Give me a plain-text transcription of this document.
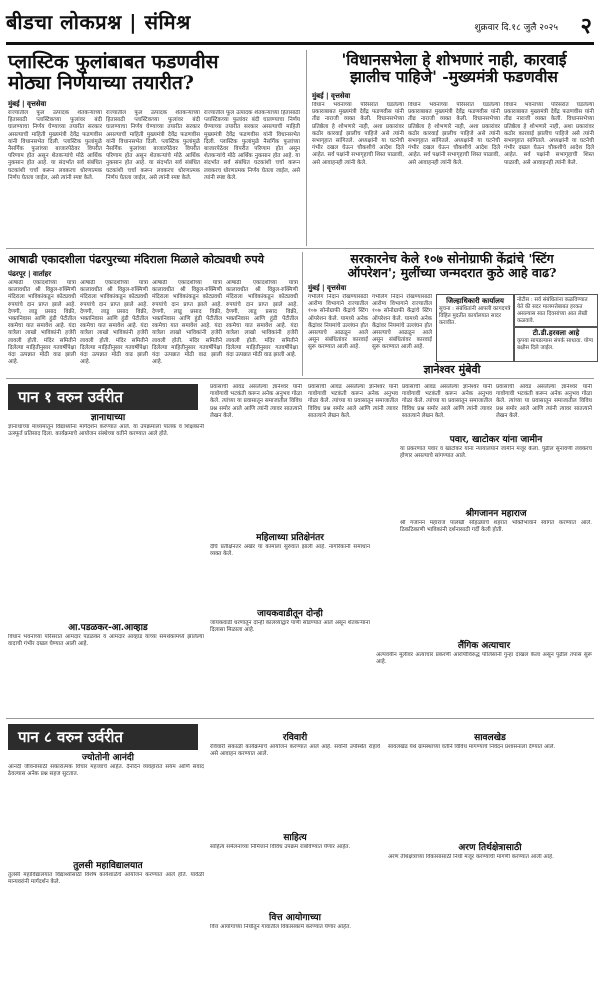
बीडचा लोकप्रश्न | संमिश्र	शुक्रवार दि.१८ जुलै २०२५ २
प्लास्टिक फुलांबाबत फडणवीस
मोठ्या निर्णयाच्या तयारीत?
मुंबई | वृत्तसेवा
राज्यातील फूल उत्पादक शेतकऱ्यांच्या हितासाठी प्लास्टिकच्या फुलांवर बंदी घालण्याचा निर्णय घेण्याच्या तयारीत सरकार असल्याची माहिती मुख्यमंत्री देवेंद्र फडणवीस यांनी विधानसभेत दिली. प्लास्टिक फुलांमुळे नैसर्गिक फुलांच्या बाजारपेठेवर विपरीत परिणाम होत असून शेतकऱ्यांचे मोठे आर्थिक नुकसान होत आहे. या संदर्भात सर्व संबंधित घटकांशी चर्चा करून लवकरच धोरणात्मक निर्णय घेतला जाईल, असे त्यांनी स्पष्ट केले.
राज्यातील फूल उत्पादक शेतकऱ्यांच्या हितासाठी प्लास्टिकच्या फुलांवर बंदी घालण्याचा निर्णय घेण्याच्या तयारीत सरकार असल्याची माहिती मुख्यमंत्री देवेंद्र फडणवीस यांनी विधानसभेत दिली. प्लास्टिक फुलांमुळे नैसर्गिक फुलांच्या बाजारपेठेवर विपरीत परिणाम होत असून शेतकऱ्यांचे मोठे आर्थिक नुकसान होत आहे. या संदर्भात सर्व संबंधित घटकांशी चर्चा करून लवकरच धोरणात्मक निर्णय घेतला जाईल, असे त्यांनी स्पष्ट केले.
राज्यातील फूल उत्पादक शेतकऱ्यांच्या हितासाठी प्लास्टिकच्या फुलांवर बंदी घालण्याचा निर्णय घेण्याच्या तयारीत सरकार असल्याची माहिती मुख्यमंत्री देवेंद्र फडणवीस यांनी विधानसभेत दिली. प्लास्टिक फुलांमुळे नैसर्गिक फुलांच्या बाजारपेठेवर विपरीत परिणाम होत असून शेतकऱ्यांचे मोठे आर्थिक नुकसान होत आहे. या संदर्भात सर्व संबंधित घटकांशी चर्चा करून लवकरच धोरणात्मक निर्णय घेतला जाईल, असे त्यांनी स्पष्ट केले.
'विधानसभेला हे शोभणारं नाही, कारवाई
झालीच पाहिजे' -मुख्यमंत्री फडणवीस
मुंबई | वृत्तसेवा
विधान भवनाच्या परिसरात घडलेल्या प्रकाराबाबत मुख्यमंत्री देवेंद्र फडणवीस यांनी तीव्र नाराजी व्यक्त केली. विधानसभेच्या प्रतिष्ठेला हे शोभणारे नाही, अशा प्रकारांवर कठोर कारवाई झालीच पाहिजे असे त्यांनी सभागृहात सांगितले. अध्यक्षांनी या घटनेची गंभीर दखल घेऊन चौकशीचे आदेश दिले आहेत. सर्व पक्षांनी सभागृहाची शिस्त पाळावी, असे आवाहनही त्यांनी केले.
विधान भवनाच्या परिसरात घडलेल्या प्रकाराबाबत मुख्यमंत्री देवेंद्र फडणवीस यांनी तीव्र नाराजी व्यक्त केली. विधानसभेच्या प्रतिष्ठेला हे शोभणारे नाही, अशा प्रकारांवर कठोर कारवाई झालीच पाहिजे असे त्यांनी सभागृहात सांगितले. अध्यक्षांनी या घटनेची गंभीर दखल घेऊन चौकशीचे आदेश दिले आहेत. सर्व पक्षांनी सभागृहाची शिस्त पाळावी, असे आवाहनही त्यांनी केले.
विधान भवनाच्या परिसरात घडलेल्या प्रकाराबाबत मुख्यमंत्री देवेंद्र फडणवीस यांनी तीव्र नाराजी व्यक्त केली. विधानसभेच्या प्रतिष्ठेला हे शोभणारे नाही, अशा प्रकारांवर कठोर कारवाई झालीच पाहिजे असे त्यांनी सभागृहात सांगितले. अध्यक्षांनी या घटनेची गंभीर दखल घेऊन चौकशीचे आदेश दिले आहेत. सर्व पक्षांनी सभागृहाची शिस्त पाळावी, असे आवाहनही त्यांनी केले.
आषाढी एकादशीला पंढरपुरच्या मंदिराला मिळाले कोट्यवधी रुपये
पंढरपूर | वार्ताहर
आषाढी एकादशीच्या यात्रा कालावधीत श्री विठ्ठल-रुक्मिणी मंदिराला भाविकांकडून कोट्यवधी रुपयांचे दान प्राप्त झाले आहे. देणगी, लाडू प्रसाद विक्री, भक्तनिवास आणि हुंडी पेटीतील रकमेचा यात समावेश आहे. यंदा यात्रेला लाखो भाविकांनी हजेरी लावली होती. मंदिर समितीने दिलेल्या माहितीनुसार गतवर्षीपेक्षा यंदा उत्पन्नात मोठी वाढ झाली आहे.
आषाढी एकादशीच्या यात्रा कालावधीत श्री विठ्ठल-रुक्मिणी मंदिराला भाविकांकडून कोट्यवधी रुपयांचे दान प्राप्त झाले आहे. देणगी, लाडू प्रसाद विक्री, भक्तनिवास आणि हुंडी पेटीतील रकमेचा यात समावेश आहे. यंदा यात्रेला लाखो भाविकांनी हजेरी लावली होती. मंदिर समितीने दिलेल्या माहितीनुसार गतवर्षीपेक्षा यंदा उत्पन्नात मोठी वाढ झाली आहे.
आषाढी एकादशीच्या यात्रा कालावधीत श्री विठ्ठल-रुक्मिणी मंदिराला भाविकांकडून कोट्यवधी रुपयांचे दान प्राप्त झाले आहे. देणगी, लाडू प्रसाद विक्री, भक्तनिवास आणि हुंडी पेटीतील रकमेचा यात समावेश आहे. यंदा यात्रेला लाखो भाविकांनी हजेरी लावली होती. मंदिर समितीने दिलेल्या माहितीनुसार गतवर्षीपेक्षा यंदा उत्पन्नात मोठी वाढ झाली आहे.
आषाढी एकादशीच्या यात्रा कालावधीत श्री विठ्ठल-रुक्मिणी मंदिराला भाविकांकडून कोट्यवधी रुपयांचे दान प्राप्त झाले आहे. देणगी, लाडू प्रसाद विक्री, भक्तनिवास आणि हुंडी पेटीतील रकमेचा यात समावेश आहे. यंदा यात्रेला लाखो भाविकांनी हजेरी लावली होती. मंदिर समितीने दिलेल्या माहितीनुसार गतवर्षीपेक्षा यंदा उत्पन्नात मोठी वाढ झाली आहे.
सरकारनेच केले १०७ सोनोग्राफी केंद्रांचे 'स्टिंग
ऑपरेशन'; मुलींच्या जन्मदरात कुठे आहे वाढ?
मुंबई | वृत्तसेवा
गर्भलिंग निदान रोखण्यासाठी आरोग्य विभागाने राज्यातील १०७ सोनोग्राफी केंद्रांचे स्टिंग ऑपरेशन केले. यामध्ये अनेक केंद्रांवर नियमांचे उल्लंघन होत असल्याचे आढळून आले असून संबंधितांवर कारवाई सुरू करण्यात आली आहे.
गर्भलिंग निदान रोखण्यासाठी आरोग्य विभागाने राज्यातील १०७ सोनोग्राफी केंद्रांचे स्टिंग ऑपरेशन केले. यामध्ये अनेक केंद्रांवर नियमांचे उल्लंघन होत असल्याचे आढळून आले असून संबंधितांवर कारवाई सुरू करण्यात आली आहे.
जिल्हाधिकारी कार्यालय
सूचना : संबंधितांनी आपली कागदपत्रे विहित मुदतीत कार्यालयात सादर करावीत.
नोटीस : सर्व संबंधितांना कळविण्यात येते की सदर मालमत्तेबाबत हरकत असल्यास सात दिवसांच्या आत लेखी कळवावे.
टी.डी.हरवला आहे
कृपया सापडल्यास संपर्क साधावा. योग्य बक्षीस दिले जाईल.
ज्ञानेश्वर मुंबेवी
प्रवासाची आवड असलेल्या ज्ञानेश्वर यांनी गावोगावी भटकंती करून अनेक अनुभव गोळा केले. त्यांच्या या प्रवासातून समाजातील विविध प्रश्न समोर आले आणि त्यांनी त्यावर सातत्याने लेखन केले.
प्रवासाची आवड असलेल्या ज्ञानेश्वर यांनी गावोगावी भटकंती करून अनेक अनुभव गोळा केले. त्यांच्या या प्रवासातून समाजातील विविध प्रश्न समोर आले आणि त्यांनी त्यावर सातत्याने लेखन केले.
प्रवासाची आवड असलेल्या ज्ञानेश्वर यांनी गावोगावी भटकंती करून अनेक अनुभव गोळा केले. त्यांच्या या प्रवासातून समाजातील विविध प्रश्न समोर आले आणि त्यांनी त्यावर सातत्याने लेखन केले.
पान १ वरुन उर्वरीत
ज्ञानाधाच्या
ज्ञानाधाच्या माध्यमातून विद्यार्थ्यांना मार्गदर्शन करण्यात आले. या उपक्रमाला पालक व शिक्षकांनी उत्स्फूर्त प्रतिसाद दिला. कार्यक्रमाचे आयोजन संस्थेच्या वतीने करण्यात आले होते.
आ.पडळकर-आ.आव्हाड
विधान भवनाच्या परिसरात आमदार पडळकर व आमदार आव्हाड यांच्या समर्थकांमध्ये झालेल्या वादाची गंभीर दखल घेण्यात आली आहे.
प्रवासाची आवड असलेल्या ज्ञानेश्वर यांनी गावोगावी भटकंती करून अनेक अनुभव गोळा केले. त्यांच्या या प्रवासातून समाजातील विविध प्रश्न समोर आले आणि त्यांनी त्यावर सातत्याने लेखन केले.
महिलाध्या प्रतिक्षेनंतर
दीर्घ प्रतीक्षेनंतर अखेर या कामाला सुरुवात झाली आहे. नागरिकांनी समाधान व्यक्त केले.
जायकवाडीतून दोन्ही
जायकवाडी धरणातून दोन्ही कालव्यांद्वारे पाणी सोडण्यात आले असून शेतकऱ्यांना दिलासा मिळाला आहे.
पवार, खाटोकर यांना जामीन
या प्रकरणात पवार व खाटोकर यांना न्यायालयाने जामीन मंजूर केला. पुढील सुनावणी लवकरच होणार असल्याचे सांगण्यात आले.
श्रीगजानन महाराज
श्री गजानन महाराज पालखी सोहळ्याचे शहरात भक्तिभावाने स्वागत करण्यात आले. ठिकठिकाणी भाविकांनी दर्शनासाठी गर्दी केली होती.
लैंगिक अत्याचार
अल्पवयीन मुलीवर अत्याचार प्रकरणी आरोपीविरुद्ध पोलिसांनी गुन्हा दाखल केला असून पुढील तपास सुरू आहे.
पान ८ वरुन उर्वरीत
ज्योतोनी आनंदी
आनंदी जीवनासाठी सकारात्मक विचार महत्त्वाचे आहेत. दैनंदिन व्यवहारात संयम आणि संवाद ठेवल्यास अनेक प्रश्न सहज सुटतात.
तुलसी महाविद्यालयात
तुलसी महाविद्यालयात विद्यार्थ्यांसाठी विशेष कार्यशाळेचे आयोजन करण्यात आले होते. यावेळी मान्यवरांनी मार्गदर्शन केले.
रविवारी
रविवारी सकाळी कार्यक्रमाचे आयोजन करण्यात आले आहे. सर्वांनी उपस्थित राहावे असे आवाहन करण्यात आले.
साहित्य
साहित्य संमेलनाच्या निमित्ताने विविध उपक्रम राबविण्यात येणार आहेत.
सावलखेड
सावलखेड येथे ग्रामस्थांच्या वतीने विविध मागण्यांचे निवेदन प्रशासनाला देण्यात आले.
वित्त आयोगाच्या
वित्त आयोगाच्या निधीतून गावातील विकासकामे करण्यात येणार आहेत.
अरण तिर्थक्षेत्रासाठी
अरण तीर्थक्षेत्राच्या विकासासाठी निधी मंजूर करण्याची मागणी करण्यात आली आहे.
